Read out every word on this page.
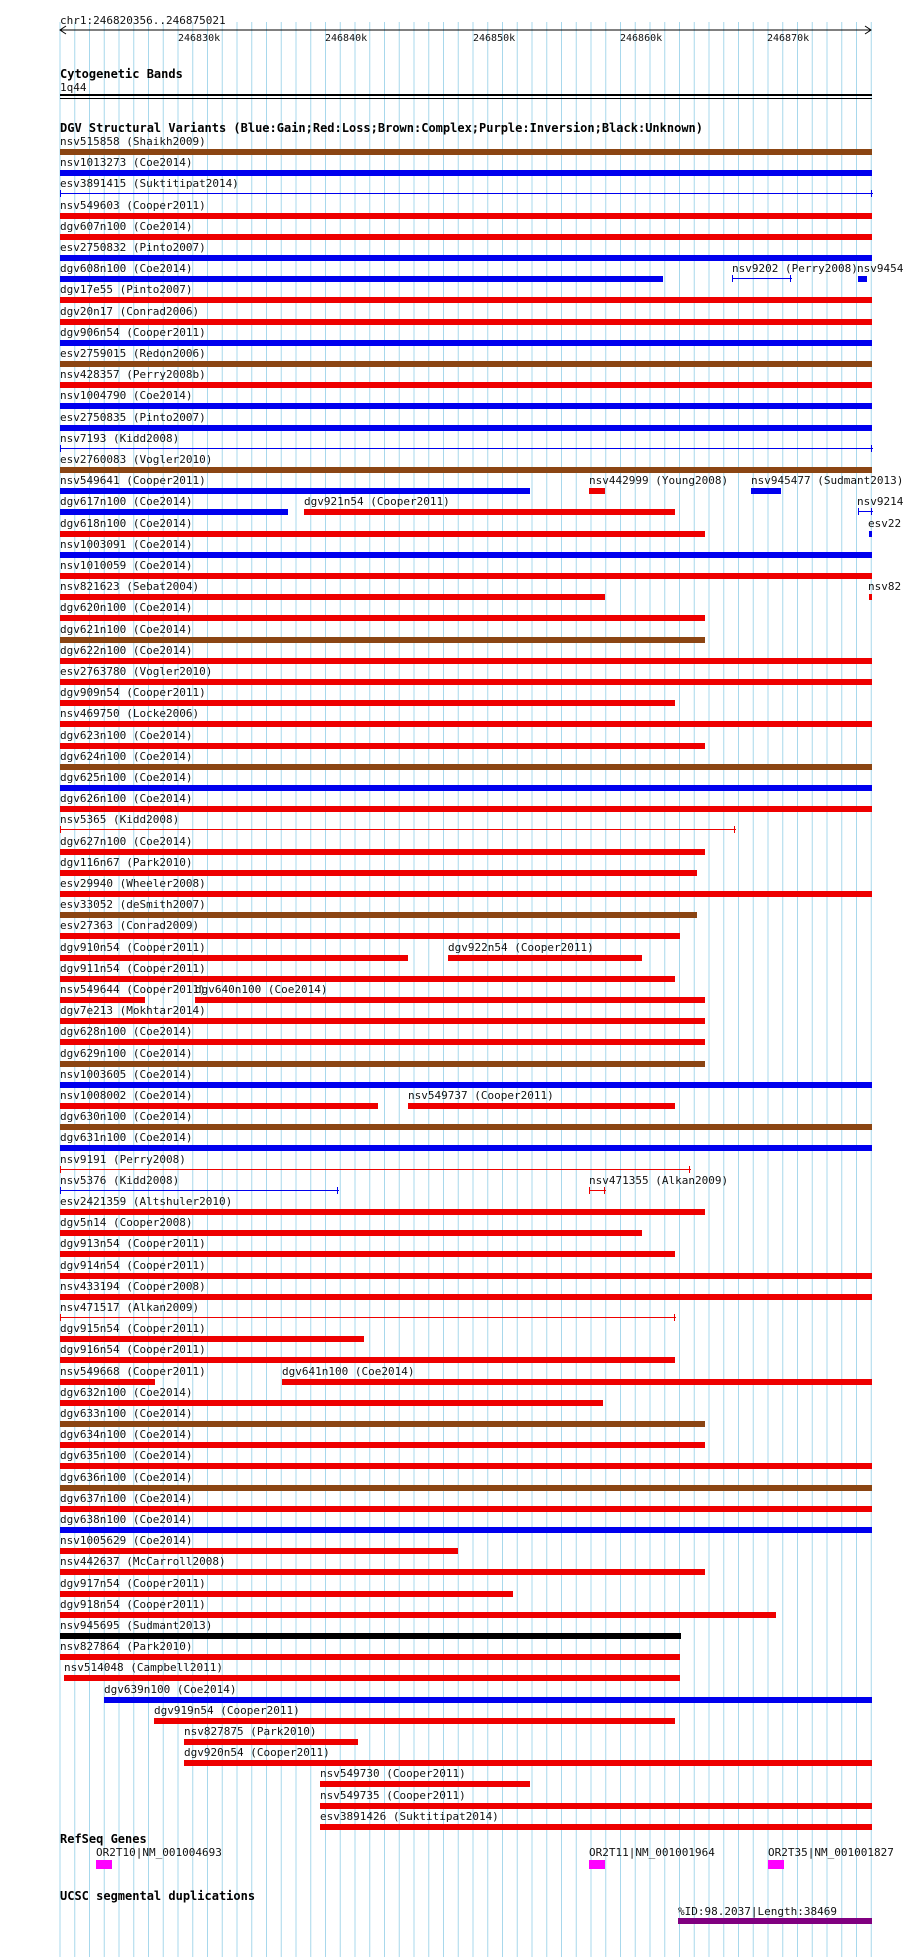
chr1:246820356..246875021
246830k	246840k	246850k	246860k	246870k
Cytogenetic Bands
1q44
DGV Structural Variants (Blue:Gain;Red:Loss;Brown:Complex;Purple:Inversion;Black:Unknown)
nsv515858 (Shaikh2009)
nsv1013273 (Coe2014)
esv3891415 (Suktitipat2014)
nsv549603 (Cooper2011)
dgv607n100 (Coe2014)
esv2750832 (Pinto2007)
dgv608n100 (Coe2014)	nsv9202 (Perry2008) nsv9454
dgv17e55 (Pinto2007)
dgv20n17 (Conrad2006)
dgv906n54 (Cooper2011)
esv2759015 (Redon2006)
nsv428357 (Perry2008b)
nsv1004790 (Coe2014)
esv2750835 (Pinto2007)
nsv7193 (Kidd2008)
esv2760083 (Vogler2010)
nsv549641 (Cooper2011)	nsv442999 (Young2008) nsv945477 (Sudmant2013)
dgv617n100 (Coe2014)	dgv921n54 (Cooper2011)	nsv9214
dgv618n100 (Coe2014)	esv22
nsv1003091 (Coe2014)
nsv1010059 (Coe2014)
nsv821623 (Sebat2004)	nsv82
dgv620n100 (Coe2014)
dgv621n100 (Coe2014)
dgv622n100 (Coe2014)
esv2763780 (Vogler2010)
dgv909n54 (Cooper2011)
nsv469750 (Locke2006)
dgv623n100 (Coe2014)
dgv624n100 (Coe2014)
dgv625n100 (Coe2014)
dgv626n100 (Coe2014)
nsv5365 (Kidd2008)
dgv627n100 (Coe2014)
dgv116n67 (Park2010)
esv29940 (Wheeler2008)
esv33052 (deSmith2007)
esv27363 (Conrad2009)
dgv910n54 (Cooper2011)	dgv922n54 (Cooper2011)
dgv911n54 (Cooper2011)
nsv549644 (Cooper2011)
dgv640n100 (Coe2014)
dgv7e213 (Mokhtar2014)
dgv628n100 (Coe2014)
dgv629n100 (Coe2014)
nsv1003605 (Coe2014)
nsv1008002 (Coe2014)	nsv549737 (Cooper2011)
dgv630n100 (Coe2014)
dgv631n100 (Coe2014)
nsv9191 (Perry2008)
nsv5376 (Kidd2008)	nsv471355 (Alkan2009)
esv2421359 (Altshuler2010)
dgv5n14 (Cooper2008)
dgv913n54 (Cooper2011)
dgv914n54 (Cooper2011)
nsv433194 (Cooper2008)
nsv471517 (Alkan2009)
dgv915n54 (Cooper2011)
dgv916n54 (Cooper2011)
nsv549668 (Cooper2011)	dgv641n100 (Coe2014)
dgv632n100 (Coe2014)
dgv633n100 (Coe2014)
dgv634n100 (Coe2014)
dgv635n100 (Coe2014)
dgv636n100 (Coe2014)
dgv637n100 (Coe2014)
dgv638n100 (Coe2014)
nsv1005629 (Coe2014)
nsv442637 (McCarroll2008)
dgv917n54 (Cooper2011)
dgv918n54 (Cooper2011)
nsv945695 (Sudmant2013)
nsv827864 (Park2010)
nsv514048 (Campbell2011)
dgv639n100 (Coe2014)
dgv919n54 (Cooper2011)
nsv827875 (Park2010)
dgv920n54 (Cooper2011)
nsv549730 (Cooper2011)
nsv549735 (Cooper2011)
esv3891426 (Suktitipat2014)
RefSeq Genes
OR2T10|NM_001004693	OR2T11|NM_001001964	OR2T35|NM_001001827
UCSC segmental duplications
%ID:98.2037|Length:38469
